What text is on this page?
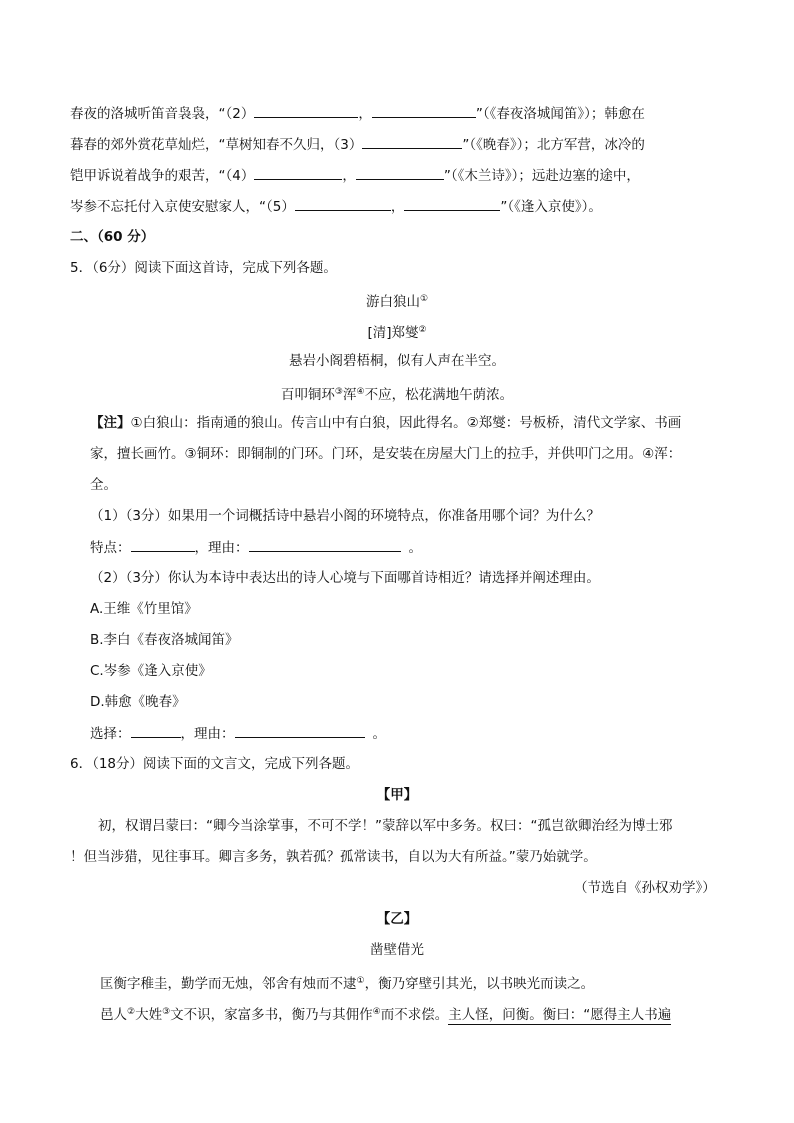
春夜的洛城听笛音袅袅，“（2）	，	”（《春夜洛城闻笛》）；韩愈在
暮春的郊外赏花草灿烂，“草树知春不久归，（3）	”（《晚春》）；北方军营，冰冷的
铠甲诉说着战争的艰苦，“（4）	，	”（《木兰诗》）；远赴边塞的途中，
岑参不忘托付入京使安慰家人，“（5）	，	”（《逢入京使》）。
二、（60 分）
5．（6分）阅读下面这首诗，完成下列各题。
游白狼山①
[清]郑燮②
悬岩小阁碧梧桐，似有人声在半空。
百叩铜环③浑④不应，松花满地午荫浓。
【注】①白狼山：指南通的狼山。传言山中有白狼，因此得名。②郑燮：号板桥，清代文学家、书画
家，擅长画竹。③铜环：即铜制的门环。门环，是安装在房屋大门上的拉手，并供叩门之用。④浑：
全。
（1）（3分）如果用一个词概括诗中悬岩小阁的环境特点，你准备用哪个词？为什么？
特点：	，理由：	。
（2）（3分）你认为本诗中表达出的诗人心境与下面哪首诗相近？请选择并阐述理由。
A.王维《竹里馆》
B.李白《春夜洛城闻笛》
C.岑参《逢入京使》
D.韩愈《晚春》
选择：	，理由：	。
6．（18分）阅读下面的文言文，完成下列各题。
【甲】
初，权谓吕蒙曰：“卿今当涂掌事，不可不学！”蒙辞以军中多务。权曰：“孤岂欲卿治经为博士邪
！但当涉猎，见往事耳。卿言多务，孰若孤？孤常读书，自以为大有所益。”蒙乃始就学。
（节选自《孙权劝学》）
【乙】
凿壁借光
匡衡字稚圭，勤学而无烛，邻舍有烛而不逮①，衡乃穿壁引其光，以书映光而读之。
邑人②大姓③文不识，家富多书，衡乃与其佣作④而不求偿。主人怪，问衡。衡曰：“愿得主人书遍
